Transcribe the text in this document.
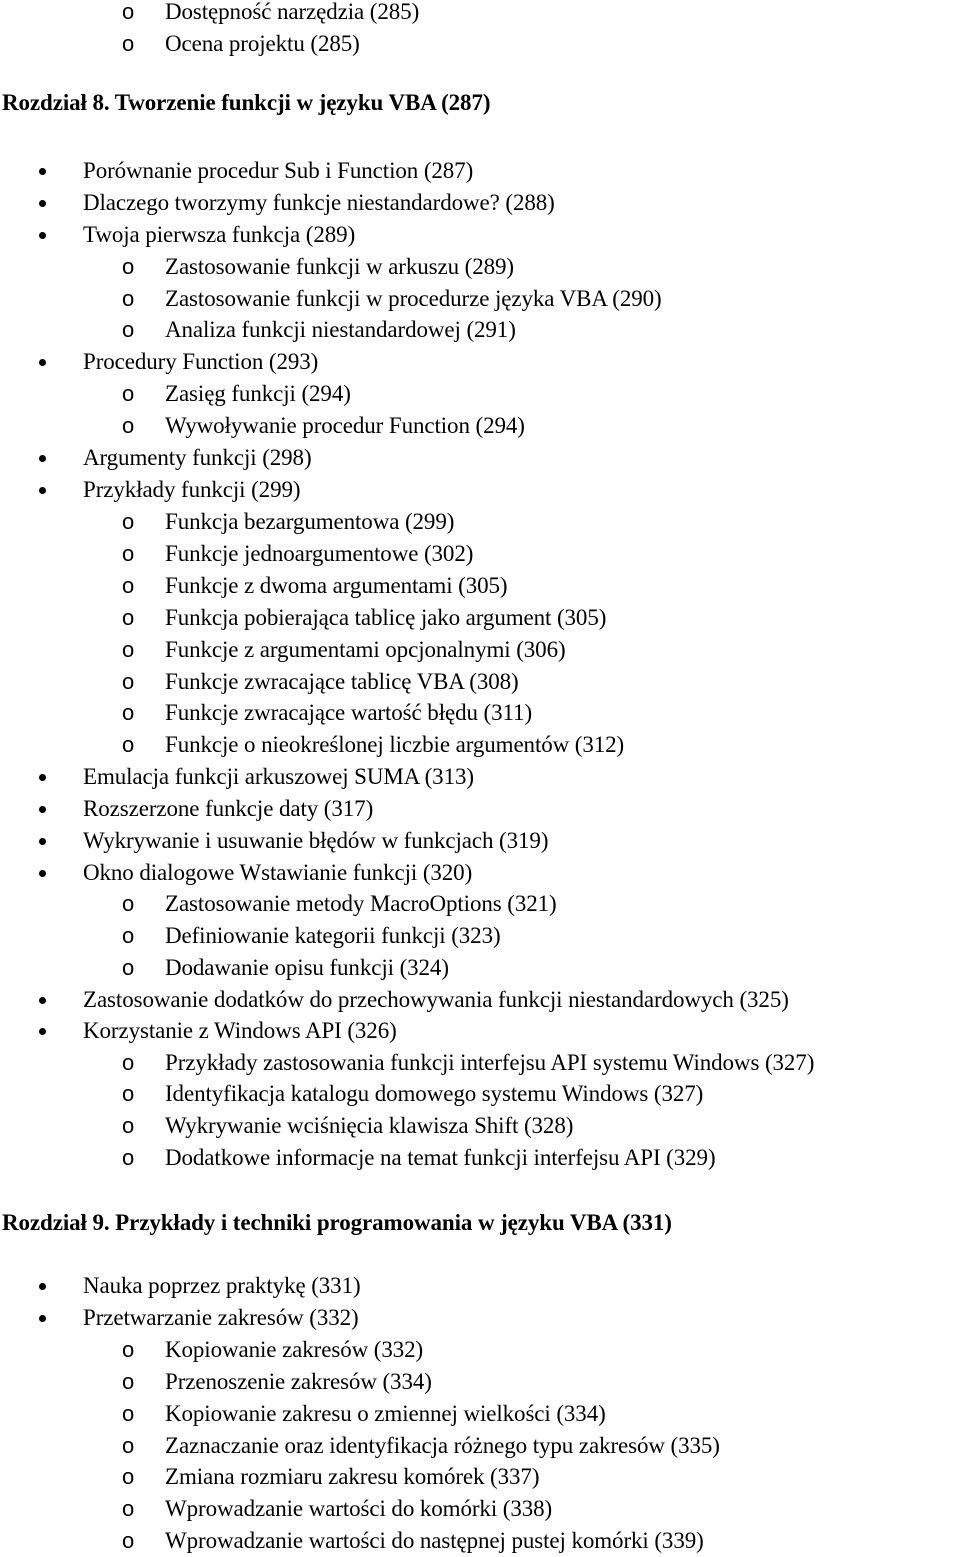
o Dostępność narzędzia (285)
o Ocena projektu (285)
Rozdział 8. Tworzenie funkcji w języku VBA (287)
Porównanie procedur Sub i Function (287)
Dlaczego tworzymy funkcje niestandardowe? (288)
Twoja pierwsza funkcja (289)
o Zastosowanie funkcji w arkuszu (289)
o Zastosowanie funkcji w procedurze języka VBA (290)
o Analiza funkcji niestandardowej (291)
Procedury Function (293)
o Zasięg funkcji (294)
o Wywoływanie procedur Function (294)
Argumenty funkcji (298)
Przykłady funkcji (299)
o Funkcja bezargumentowa (299)
o Funkcje jednoargumentowe (302)
o Funkcje z dwoma argumentami (305)
o Funkcja pobierająca tablicę jako argument (305)
o Funkcje z argumentami opcjonalnymi (306)
o Funkcje zwracające tablicę VBA (308)
o Funkcje zwracające wartość błędu (311)
o Funkcje o nieokreślonej liczbie argumentów (312)
Emulacja funkcji arkuszowej SUMA (313)
Rozszerzone funkcje daty (317)
Wykrywanie i usuwanie błędów w funkcjach (319)
Okno dialogowe Wstawianie funkcji (320)
o Zastosowanie metody MacroOptions (321)
o Definiowanie kategorii funkcji (323)
o Dodawanie opisu funkcji (324)
Zastosowanie dodatków do przechowywania funkcji niestandardowych (325)
Korzystanie z Windows API (326)
o Przykłady zastosowania funkcji interfejsu API systemu Windows (327)
o Identyfikacja katalogu domowego systemu Windows (327)
o Wykrywanie wciśnięcia klawisza Shift (328)
o Dodatkowe informacje na temat funkcji interfejsu API (329)
Rozdział 9. Przykłady i techniki programowania w języku VBA (331)
Nauka poprzez praktykę (331)
Przetwarzanie zakresów (332)
o Kopiowanie zakresów (332)
o Przenoszenie zakresów (334)
o Kopiowanie zakresu o zmiennej wielkości (334)
o Zaznaczanie oraz identyfikacja różnego typu zakresów (335)
o Zmiana rozmiaru zakresu komórek (337)
o Wprowadzanie wartości do komórki (338)
o Wprowadzanie wartości do następnej pustej komórki (339)
